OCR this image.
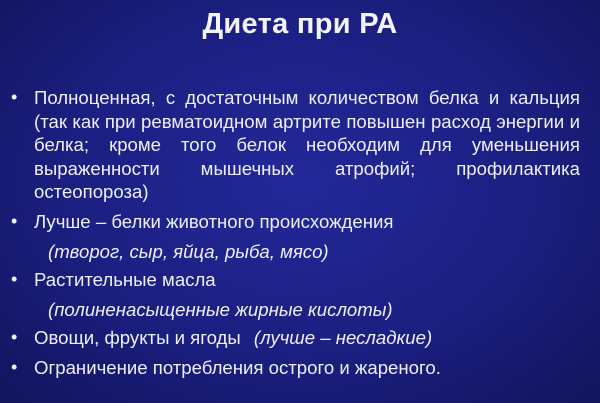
Диета при РА
• Полноценная, с достаточным количеством белка и кальция (так как при ревматоидном артрите повышен расход энергии и белка; кроме того белок необходим для уменьшения выраженности мышечных атрофий; профилактика остеопороза)
• Лучше – белки животного происхождения
(творог, сыр, яйца, рыба, мясо)
• Растительные масла
(полиненасыщенные жирные кислоты)
• Овощи, фрукты и ягоды (лучше – несладкие)
• Ограничение потребления острого и жареного.
